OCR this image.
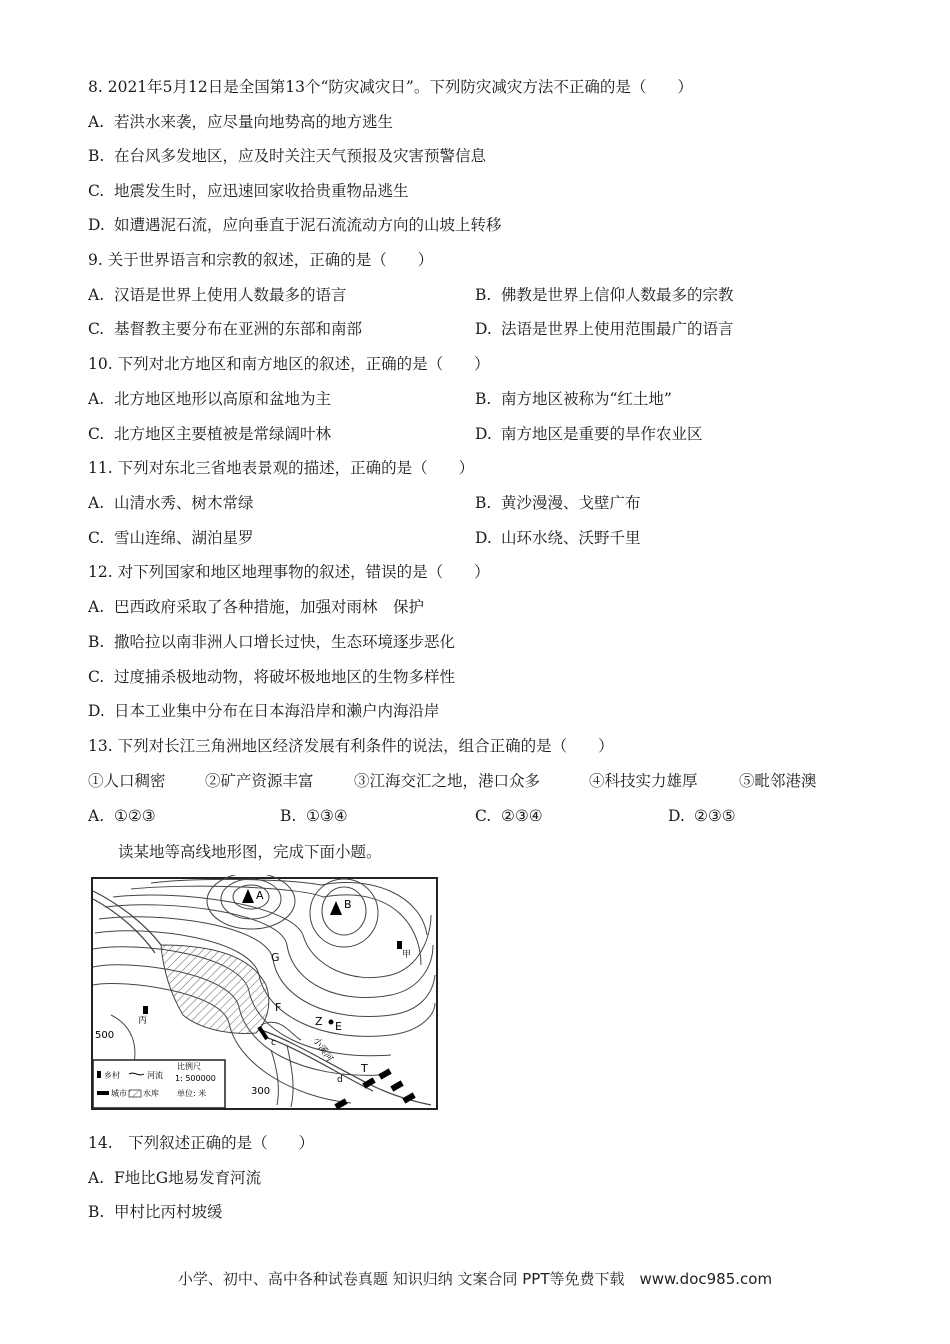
8. 2021年5月12日是全国第13个“防灾减灾日”。下列防灾减灾方法不正确的是（　　）
A. 若洪水来袭，应尽量向地势高的地方逃生
B. 在台风多发地区，应及时关注天气预报及灾害预警信息
C. 地震发生时，应迅速回家收拾贵重物品逃生
D. 如遭遇泥石流，应向垂直于泥石流流动方向的山坡上转移
9. 关于世界语言和宗教的叙述，正确的是（　　）
A. 汉语是世界上使用人数最多的语言	B. 佛教是世界上信仰人数最多的宗教
C. 基督教主要分布在亚洲的东部和南部	D. 法语是世界上使用范围最广的语言
10. 下列对北方地区和南方地区的叙述，正确的是（　　）
A. 北方地区地形以高原和盆地为主	B. 南方地区被称为“红土地”
C. 北方地区主要植被是常绿阔叶林	D. 南方地区是重要的旱作农业区
11. 下列对东北三省地表景观的描述，正确的是（　　）
A. 山清水秀、树木常绿	B. 黄沙漫漫、戈壁广布
C. 雪山连绵、湖泊星罗	D. 山环水绕、沃野千里
12. 对下列国家和地区地理事物的叙述，错误的是（　　）
A. 巴西政府采取了各种措施，加强对雨林　保护
B. 撒哈拉以南非洲人口增长过快，生态环境逐步恶化
C. 过度捕杀极地动物，将破坏极地地区的生物多样性
D. 日本工业集中分布在日本海沿岸和濑户内海沿岸
13. 下列对长江三角洲地区经济发展有利条件的说法，组合正确的是（　　）
①人口稠密	②矿产资源丰富	③江海交汇之地，港口众多	④科技实力雄厚	⑤毗邻港澳
A. ①②③	B. ①③④	C. ②③④	D. ②③⑤
读某地等高线地形图，完成下面小题。
A
B
G
F
E
Z
T
c
d
甲
丙
500
300
小溪河
乡村	河流
比例尺
1: 500000
城市 水库 单位: 米
14.　下列叙述正确的是（　　）
A. F地比G地易发育河流
B. 甲村比丙村坡缓
小学、初中、高中各种试卷真题 知识归纳 文案合同 PPT等免费下载　www.doc985.com
